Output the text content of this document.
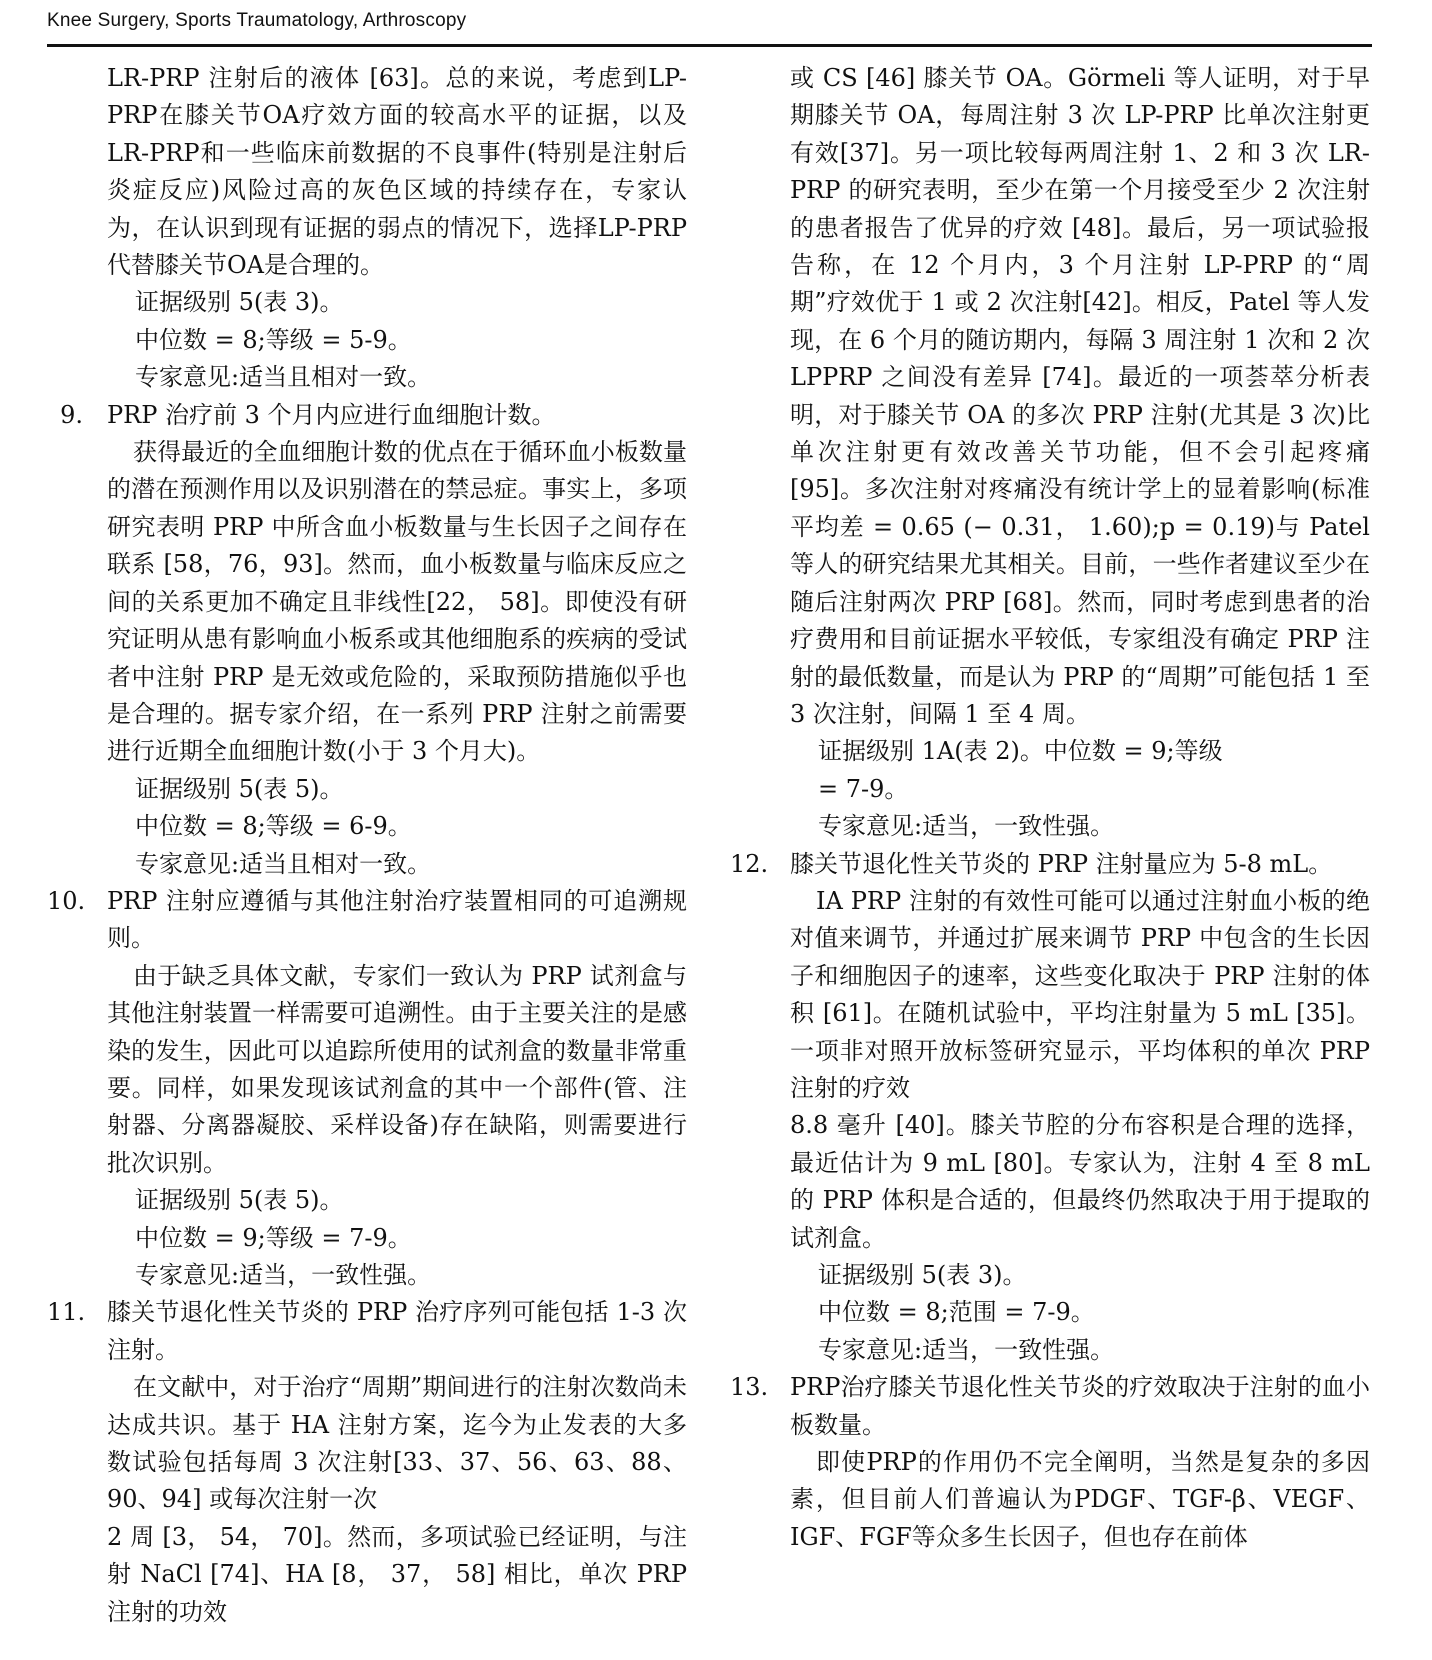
Knee Surgery, Sports Traumatology, Arthroscopy

LR-PRP 注射后的液体 [63]。总的来说，考虑到LP-PRP在膝关节OA疗效方面的较高水平的证据，以及LR-PRP和一些临床前数据的不良事件(特别是注射后炎症反应)风险过高的灰色区域的持续存在，专家认为，在认识到现有证据的弱点的情况下，选择LP-PRP代替膝关节OA是合理的。

证据级别 5(表 3)。

中位数 = 8;等级 = 5-9。

专家意见:适当且相对一致。

9. PRP 治疗前 3 个月内应进行血细胞计数。

获得最近的全血细胞计数的优点在于循环血小板数量的潜在预测作用以及识别潜在的禁忌症。事实上，多项研究表明 PRP 中所含血小板数量与生长因子之间存在联系 [58，76，93]。然而，血小板数量与临床反应之间的关系更加不确定且非线性[22， 58]。即使没有研究证明从患有影响血小板系或其他细胞系的疾病的受试者中注射 PRP 是无效或危险的，采取预防措施似乎也是合理的。据专家介绍，在一系列 PRP 注射之前需要进行近期全血细胞计数(小于 3 个月大)。

证据级别 5(表 5)。

中位数 = 8;等级 = 6-9。

专家意见:适当且相对一致。

10. PRP 注射应遵循与其他注射治疗装置相同的可追溯规则。

由于缺乏具体文献，专家们一致认为 PRP 试剂盒与其他注射装置一样需要可追溯性。由于主要关注的是感染的发生，因此可以追踪所使用的试剂盒的数量非常重要。同样，如果发现该试剂盒的其中一个部件(管、注射器、分离器凝胶、采样设备)存在缺陷，则需要进行批次识别。

证据级别 5(表 5)。

中位数 = 9;等级 = 7-9。

专家意见:适当，一致性强。

11. 膝关节退化性关节炎的 PRP 治疗序列可能包括 1-3 次注射。

在文献中，对于治疗“周期”期间进行的注射次数尚未达成共识。基于 HA 注射方案，迄今为止发表的大多数试验包括每周 3 次注射[33、37、56、63、88、90、94] 或每次注射一次

2 周 [3， 54， 70]。然而，多项试验已经证明，与注射 NaCl [74]、HA [8， 37， 58] 相比，单次 PRP 注射的功效

或 CS [46] 膝关节 OA。Görmeli 等人证明，对于早期膝关节 OA，每周注射 3 次 LP-PRP 比单次注射更有效[37]。另一项比较每两周注射 1、2 和 3 次 LR-PRP 的研究表明，至少在第一个月接受至少 2 次注射的患者报告了优异的疗效 [48]。最后，另一项试验报告称，在 12 个月内，3 个月注射 LP-PRP 的“周期”疗效优于 1 或 2 次注射[42]。相反，Patel 等人发现，在 6 个月的随访期内，每隔 3 周注射 1 次和 2 次 LPPRP 之间没有差异 [74]。最近的一项荟萃分析表明，对于膝关节 OA 的多次 PRP 注射(尤其是 3 次)比单次注射更有效改善关节功能，但不会引起疼痛 [95]。多次注射对疼痛没有统计学上的显着影响(标准平均差 = 0.65 (− 0.31， 1.60);p = 0.19)与 Patel 等人的研究结果尤其相关。目前，一些作者建议至少在随后注射两次 PRP [68]。然而，同时考虑到患者的治疗费用和目前证据水平较低，专家组没有确定 PRP 注射的最低数量，而是认为 PRP 的“周期”可能包括 1 至 3 次注射，间隔 1 至 4 周。

证据级别 1A(表 2)。中位数 = 9;等级

= 7-9。

专家意见:适当，一致性强。

12. 膝关节退化性关节炎的 PRP 注射量应为 5-8 mL。

IA PRP 注射的有效性可能可以通过注射血小板的绝对值来调节，并通过扩展来调节 PRP 中包含的生长因子和细胞因子的速率，这些变化取决于 PRP 注射的体积 [61]。在随机试验中，平均注射量为 5 mL [35]。一项非对照开放标签研究显示，平均体积的单次 PRP 注射的疗效

8.8 毫升 [40]。膝关节腔的分布容积是合理的选择，最近估计为 9 mL [80]。专家认为，注射 4 至 8 mL 的 PRP 体积是合适的，但最终仍然取决于用于提取的试剂盒。

证据级别 5(表 3)。

中位数 = 8;范围 = 7-9。

专家意见:适当，一致性强。

13. PRP治疗膝关节退化性关节炎的疗效取决于注射的血小板数量。

即使PRP的作用仍不完全阐明，当然是复杂的多因素，但目前人们普遍认为PDGF、TGF-β、VEGF、IGF、FGF等众多生长因子，但也存在前体
